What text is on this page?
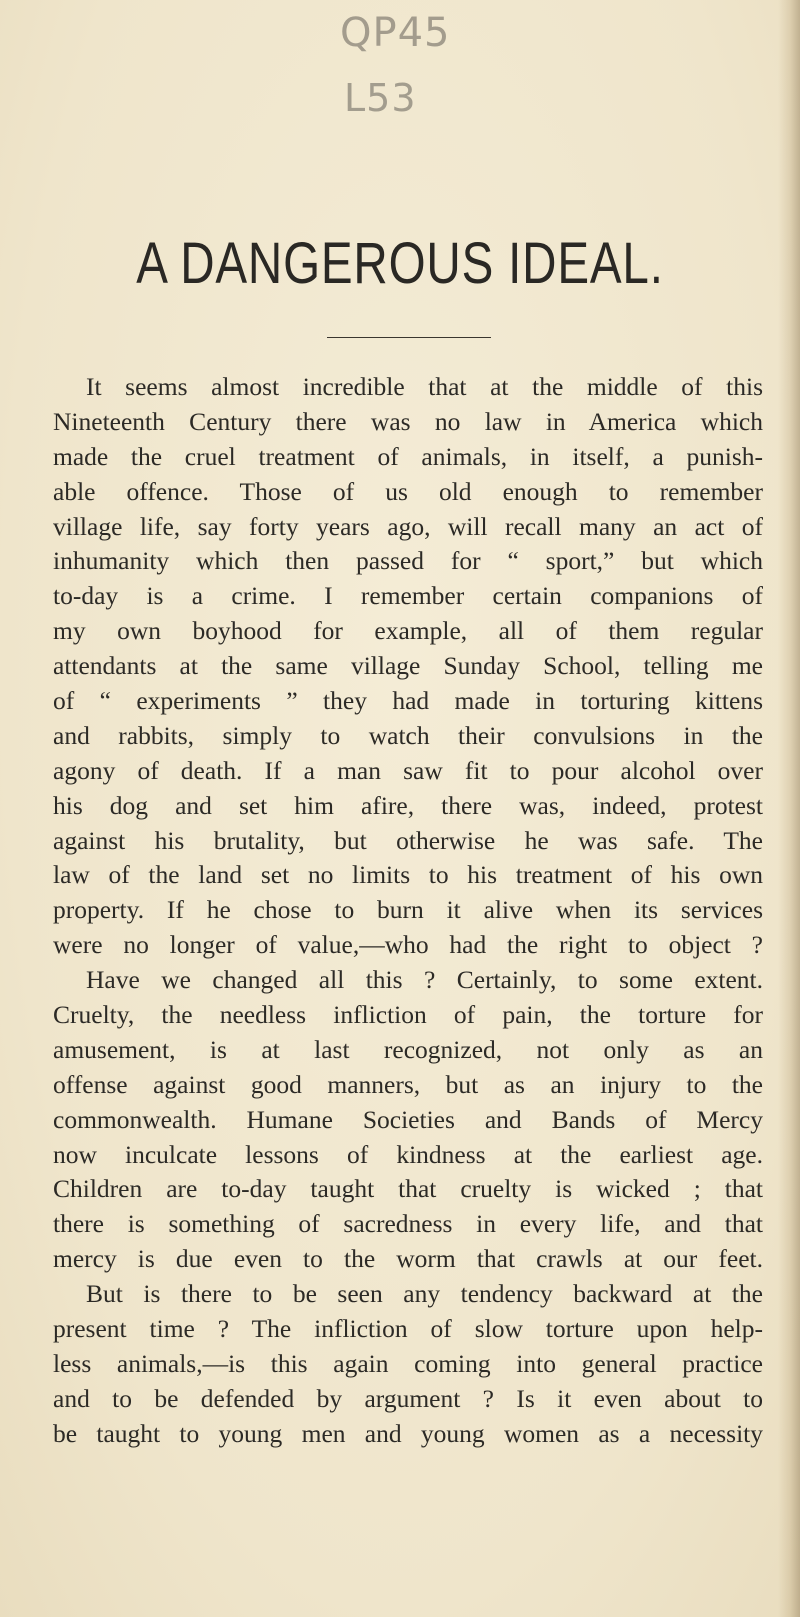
QP45
L53
A DANGEROUS IDEAL.
It seems almost incredible that at the middle of this
Nineteenth Century there was no law in America which
made the cruel treatment of animals, in itself, a punish-
able offence. Those of us old enough to remember
village life, say forty years ago, will recall many an act of
inhumanity which then passed for “ sport,” but which
to-day is a crime. I remember certain companions of
my own boyhood for example, all of them regular
attendants at the same village Sunday School, telling me
of “ experiments ” they had made in torturing kittens
and rabbits, simply to watch their convulsions in the
agony of death. If a man saw fit to pour alcohol over
his dog and set him afire, there was, indeed, protest
against his brutality, but otherwise he was safe. The
law of the land set no limits to his treatment of his own
property. If he chose to burn it alive when its services
were no longer of value,—who had the right to object ?
Have we changed all this ? Certainly, to some extent.
Cruelty, the needless infliction of pain, the torture for
amusement, is at last recognized, not only as an
offense against good manners, but as an injury to the
commonwealth. Humane Societies and Bands of Mercy
now inculcate lessons of kindness at the earliest age.
Children are to-day taught that cruelty is wicked ; that
there is something of sacredness in every life, and that
mercy is due even to the worm that crawls at our feet.
But is there to be seen any tendency backward at the
present time ? The infliction of slow torture upon help-
less animals,—is this again coming into general practice
and to be defended by argument ? Is it even about to
be taught to young men and young women as a necessity
